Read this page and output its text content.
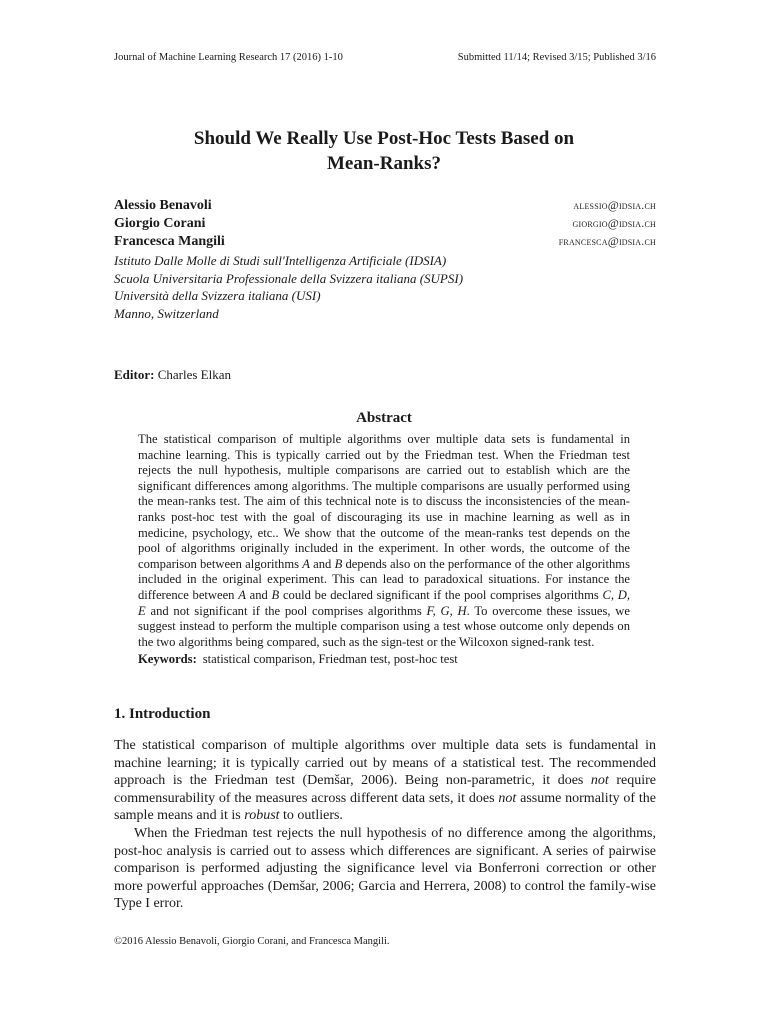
Journal of Machine Learning Research 17 (2016) 1-10	Submitted 11/14; Revised 3/15; Published 3/16
Should We Really Use Post-Hoc Tests Based on
Mean-Ranks?
Alessio Benavoli	alessio@idsia.ch
Giorgio Corani	giorgio@idsia.ch
Francesca Mangili	francesca@idsia.ch
Istituto Dalle Molle di Studi sull'Intelligenza Artificiale (IDSIA)
Scuola Universitaria Professionale della Svizzera italiana (SUPSI)
Università della Svizzera italiana (USI)
Manno, Switzerland
Editor: Charles Elkan
Abstract
The statistical comparison of multiple algorithms over multiple data sets is fundamental in machine learning. This is typically carried out by the Friedman test. When the Friedman test rejects the null hypothesis, multiple comparisons are carried out to establish which are the significant differences among algorithms. The multiple comparisons are usually performed using the mean-ranks test. The aim of this technical note is to discuss the inconsistencies of the mean-ranks post-hoc test with the goal of discouraging its use in machine learning as well as in medicine, psychology, etc.. We show that the outcome of the mean-ranks test depends on the pool of algorithms originally included in the experiment. In other words, the outcome of the comparison between algorithms A and B depends also on the performance of the other algorithms included in the original experiment. This can lead to paradoxical situations. For instance the difference between A and B could be declared significant if the pool comprises algorithms C, D, E and not significant if the pool comprises algorithms F, G, H. To overcome these issues, we suggest instead to perform the multiple comparison using a test whose outcome only depends on the two algorithms being compared, such as the sign-test or the Wilcoxon signed-rank test.
Keywords: statistical comparison, Friedman test, post-hoc test
1. Introduction

The statistical comparison of multiple algorithms over multiple data sets is fundamental in machine learning; it is typically carried out by means of a statistical test. The recommended approach is the Friedman test (Demšar, 2006). Being non-parametric, it does not require commensurability of the measures across different data sets, it does not assume normality of the sample means and it is robust to outliers.

When the Friedman test rejects the null hypothesis of no difference among the algorithms, post-hoc analysis is carried out to assess which differences are significant. A series of pairwise comparison is performed adjusting the significance level via Bonferroni correction or other more powerful approaches (Demšar, 2006; Garcia and Herrera, 2008) to control the family-wise Type I error.

©2016 Alessio Benavoli, Giorgio Corani, and Francesca Mangili.
